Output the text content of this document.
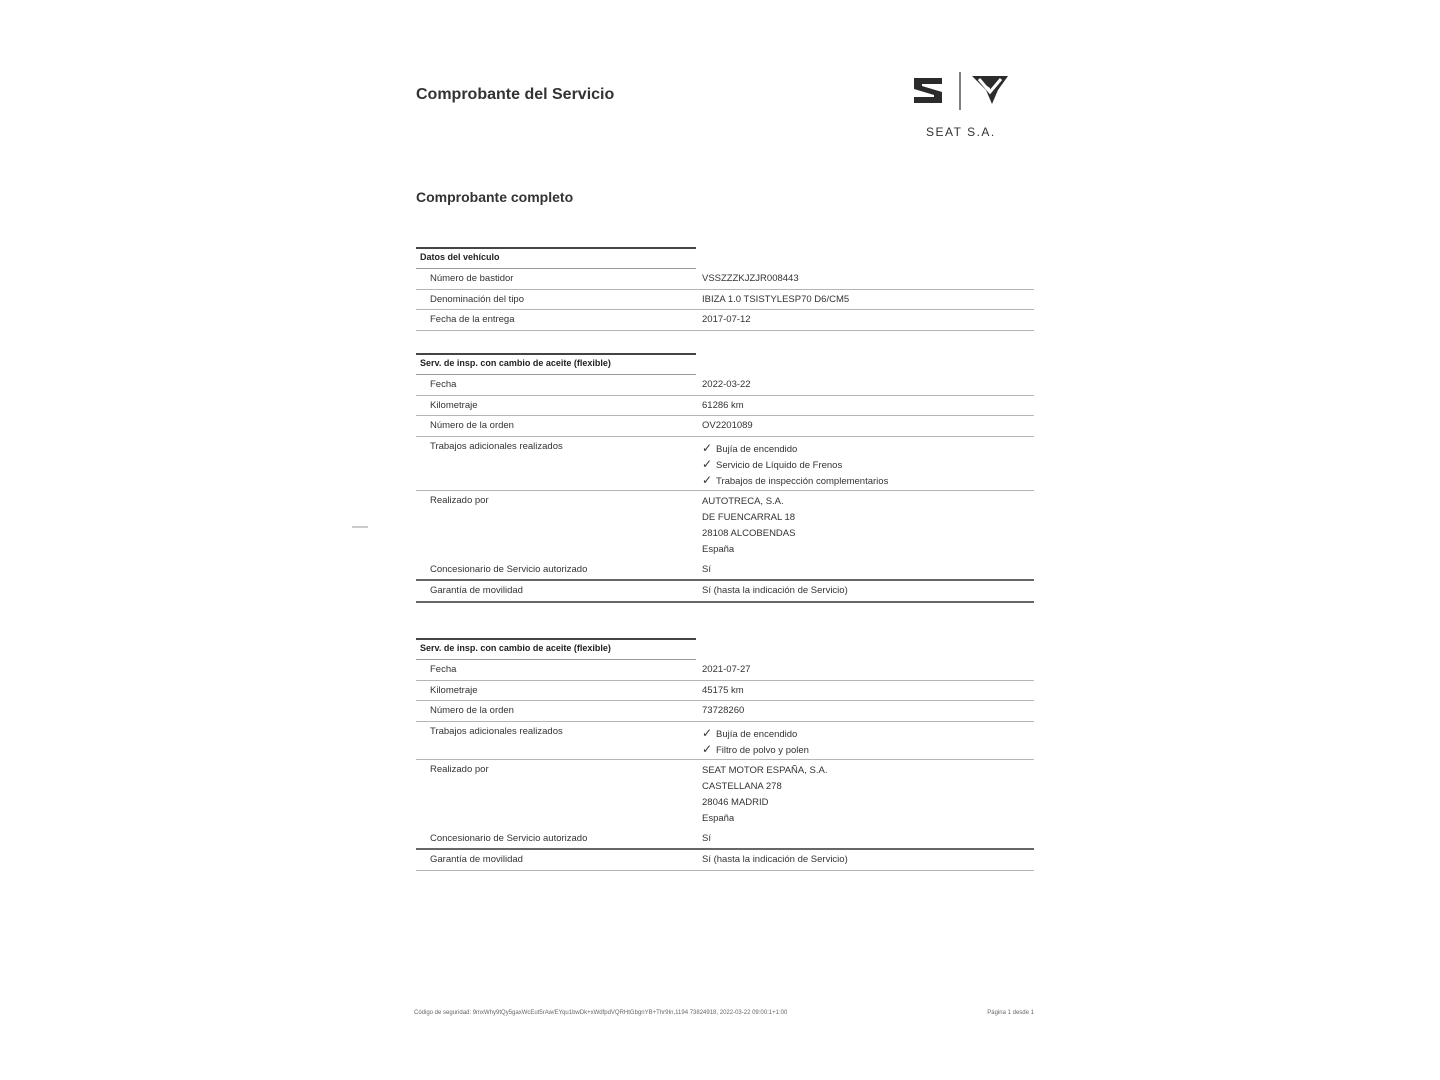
Comprobante del Servicio
SEAT S.A.
Comprobante completo
Datos del vehículo
Número de bastidor	VSSZZZKJZJR008443
Denominación del tipo	IBIZA 1.0 TSISTYLESP70 D6/CM5
Fecha de la entrega	2017-07-12
Serv. de insp. con cambio de aceite (flexible)
Fecha	2022-03-22
Kilometraje	61286 km
Número de la orden	OV2201089
Trabajos adicionales realizados	✓ Bujía de encendido
✓ Servicio de Líquido de Frenos
✓ Trabajos de inspección complementarios
Realizado por	AUTOTRECA, S.A.
DE FUENCARRAL 18
28108 ALCOBENDAS
España
Concesionario de Servicio autorizado	Sí
Garantía de movilidad	Sí (hasta la indicación de Servicio)
Serv. de insp. con cambio de aceite (flexible)
Fecha	2021-07-27
Kilometraje	45175 km
Número de la orden	73728260
Trabajos adicionales realizados	✓ Bujía de encendido
✓ Filtro de polvo y polen
Realizado por	SEAT MOTOR ESPAÑA, S.A.
CASTELLANA 278
28046 MADRID
España
Concesionario de Servicio autorizado	Sí
Garantía de movilidad	Sí (hasta la indicación de Servicio)
Código de seguridad: 9mxWhy9tQy5gaxWcEut5rAw/EYqu1bwDk+xWdfpdVQRHtGbgnYB+Thr9In,1194 73824918, 2022-03-22 09:00:1+1:00	Página 1 desde 1
